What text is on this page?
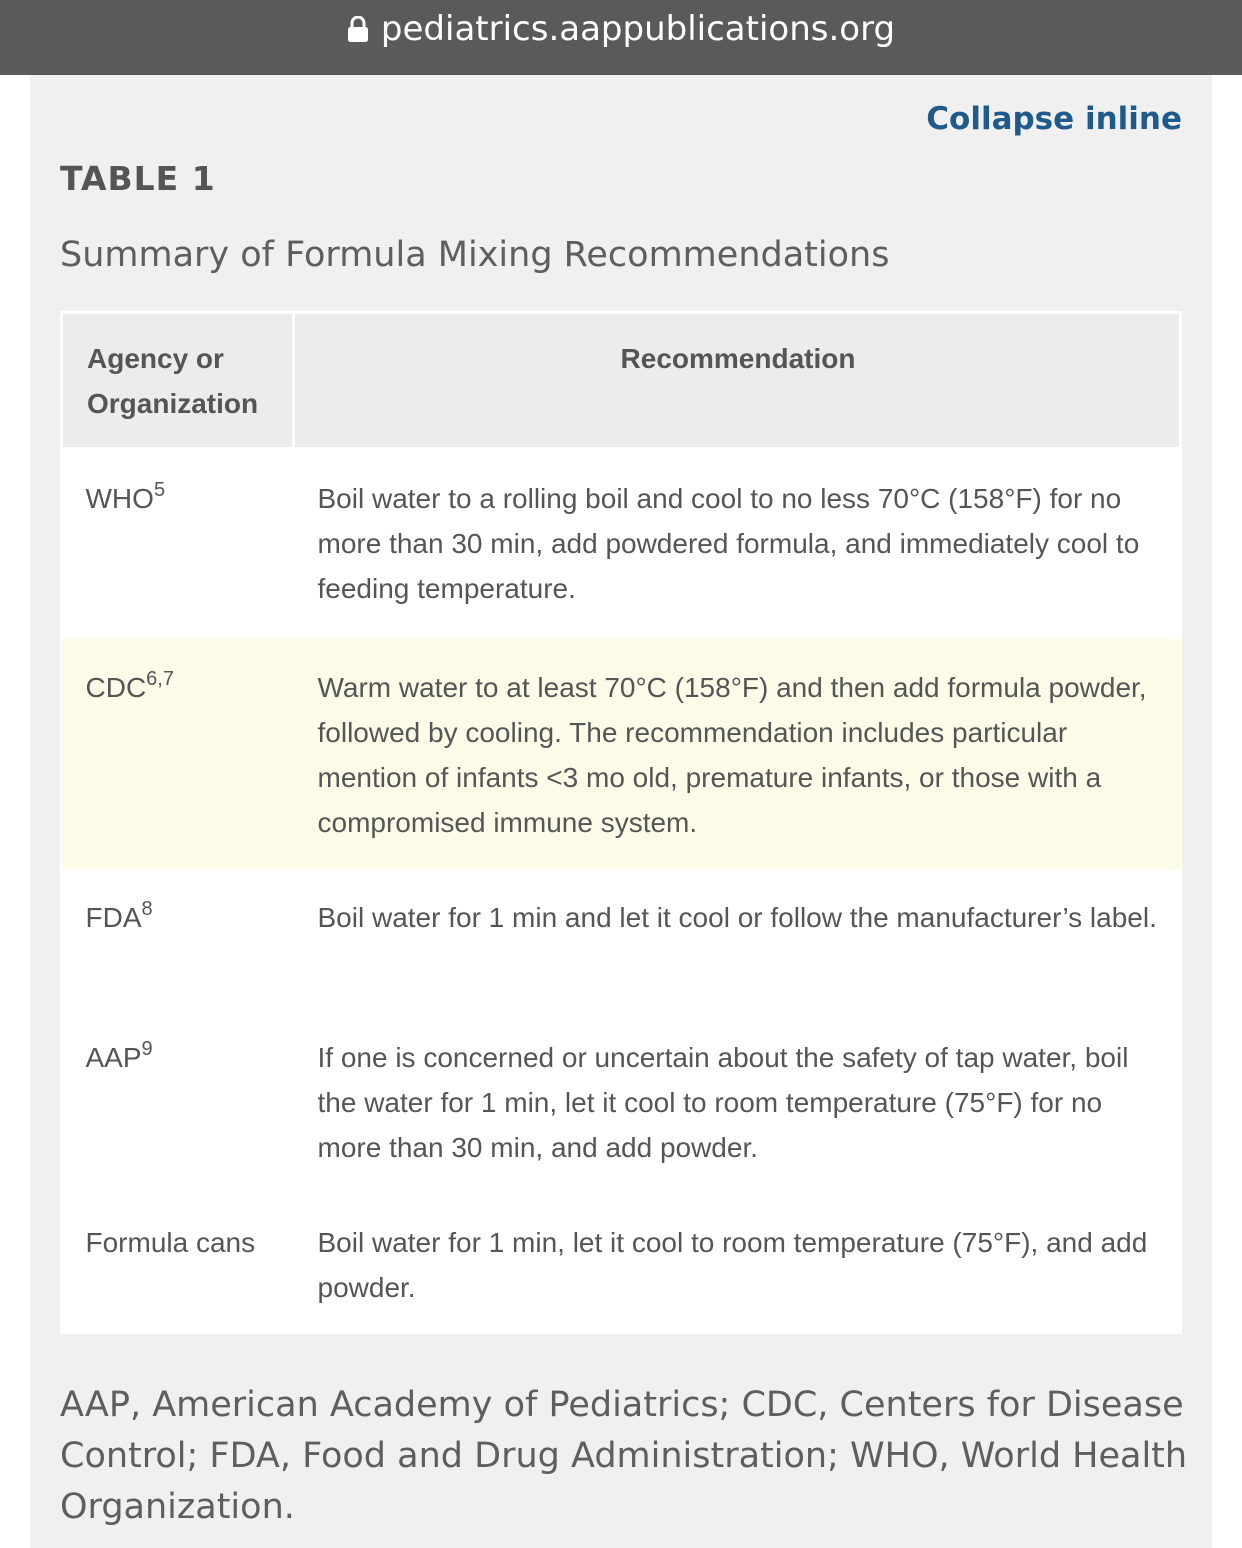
pediatrics.aappublications.org
Collapse inline
TABLE 1
Summary of Formula Mixing Recommendations
Agency or Organization	Recommendation
WHO$^5$	Boil water to a rolling boil and cool to no less 70°C (158°F) for no more than 30 min, add powdered formula, and immediately cool to feeding temperature.
CDC$^{6,7}$	Warm water to at least 70°C (158°F) and then add formula powder, followed by cooling. The recommendation includes particular mention of infants <3 mo old, premature infants, or those with a compromised immune system.
FDA$^8$	Boil water for 1 min and let it cool or follow the manufacturer’s label.
AAP$^9$	If one is concerned or uncertain about the safety of tap water, boil the water for 1 min, let it cool to room temperature (75°F) for no more than 30 min, and add powder.
Formula cans	Boil water for 1 min, let it cool to room temperature (75°F), and add powder.
AAP, American Academy of Pediatrics; CDC, Centers for Disease Control; FDA, Food and Drug Administration; WHO, World Health Organization.
